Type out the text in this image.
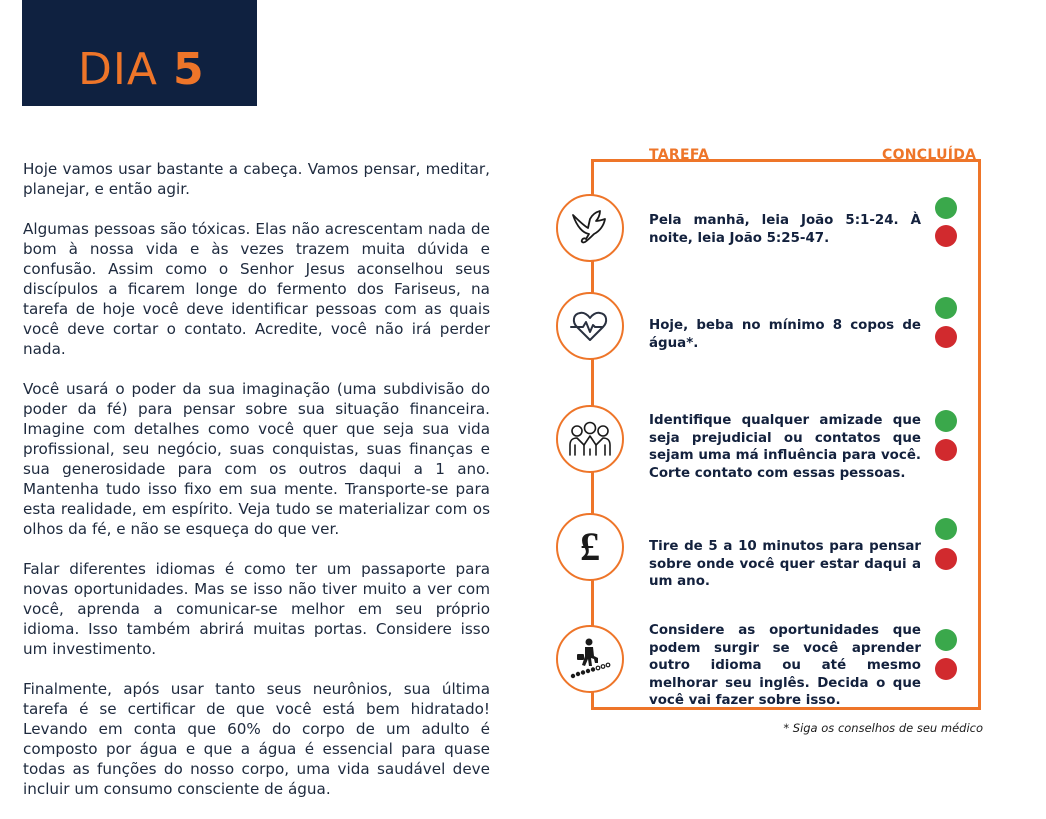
DIA 5

Hoje vamos usar bastante a cabeça. Vamos pensar, meditar, planejar, e então agir.

Algumas pessoas são tóxicas. Elas não acrescentam nada de bom à nossa vida e às vezes trazem muita dúvida e confusão. Assim como o Senhor Jesus aconselhou seus discípulos a ficarem longe do fermento dos Fariseus, na tarefa de hoje você deve identificar pessoas com as quais você deve cortar o contato. Acredite, você não irá perder nada.

Você usará o poder da sua imaginação (uma subdivisão do poder da fé) para pensar sobre sua situação financeira. Imagine com detalhes como você quer que seja sua vida profissional, seu negócio, suas conquistas, suas finanças e sua generosidade para com os outros daqui a 1 ano. Mantenha tudo isso fixo em sua mente. Transporte-se para esta realidade, em espírito. Veja tudo se materializar com os olhos da fé, e não se esqueça do que ver.

Falar diferentes idiomas é como ter um passaporte para novas oportunidades. Mas se isso não tiver muito a ver com você, aprenda a comunicar-se melhor em seu próprio idioma. Isso também abrirá muitas portas. Considere isso um investimento.

Finalmente, após usar tanto seus neurônios, sua última tarefa é se certificar de que você está bem hidratado! Levando em conta que 60% do corpo de um adulto é composto por água e que a água é essencial para quase todas as funções do nosso corpo, uma vida saudável deve incluir um consumo consciente de água.

TAREFA	CONCLUÍDA
Pela manhã, leia João 5:1-24. À noite, leia João 5:25-47.
Hoje, beba no mínimo 8 copos de água*.
Identifique qualquer amizade que seja prejudicial ou contatos que sejam uma má influência para você. Corte contato com essas pessoas.
£	Tire de 5 a 10 minutos para pensar sobre onde você quer estar daqui a um ano.
Considere as oportunidades que podem surgir se você aprender outro idioma ou até mesmo melhorar seu inglês. Decida o que você vai fazer sobre isso.
* Siga os conselhos de seu médico
